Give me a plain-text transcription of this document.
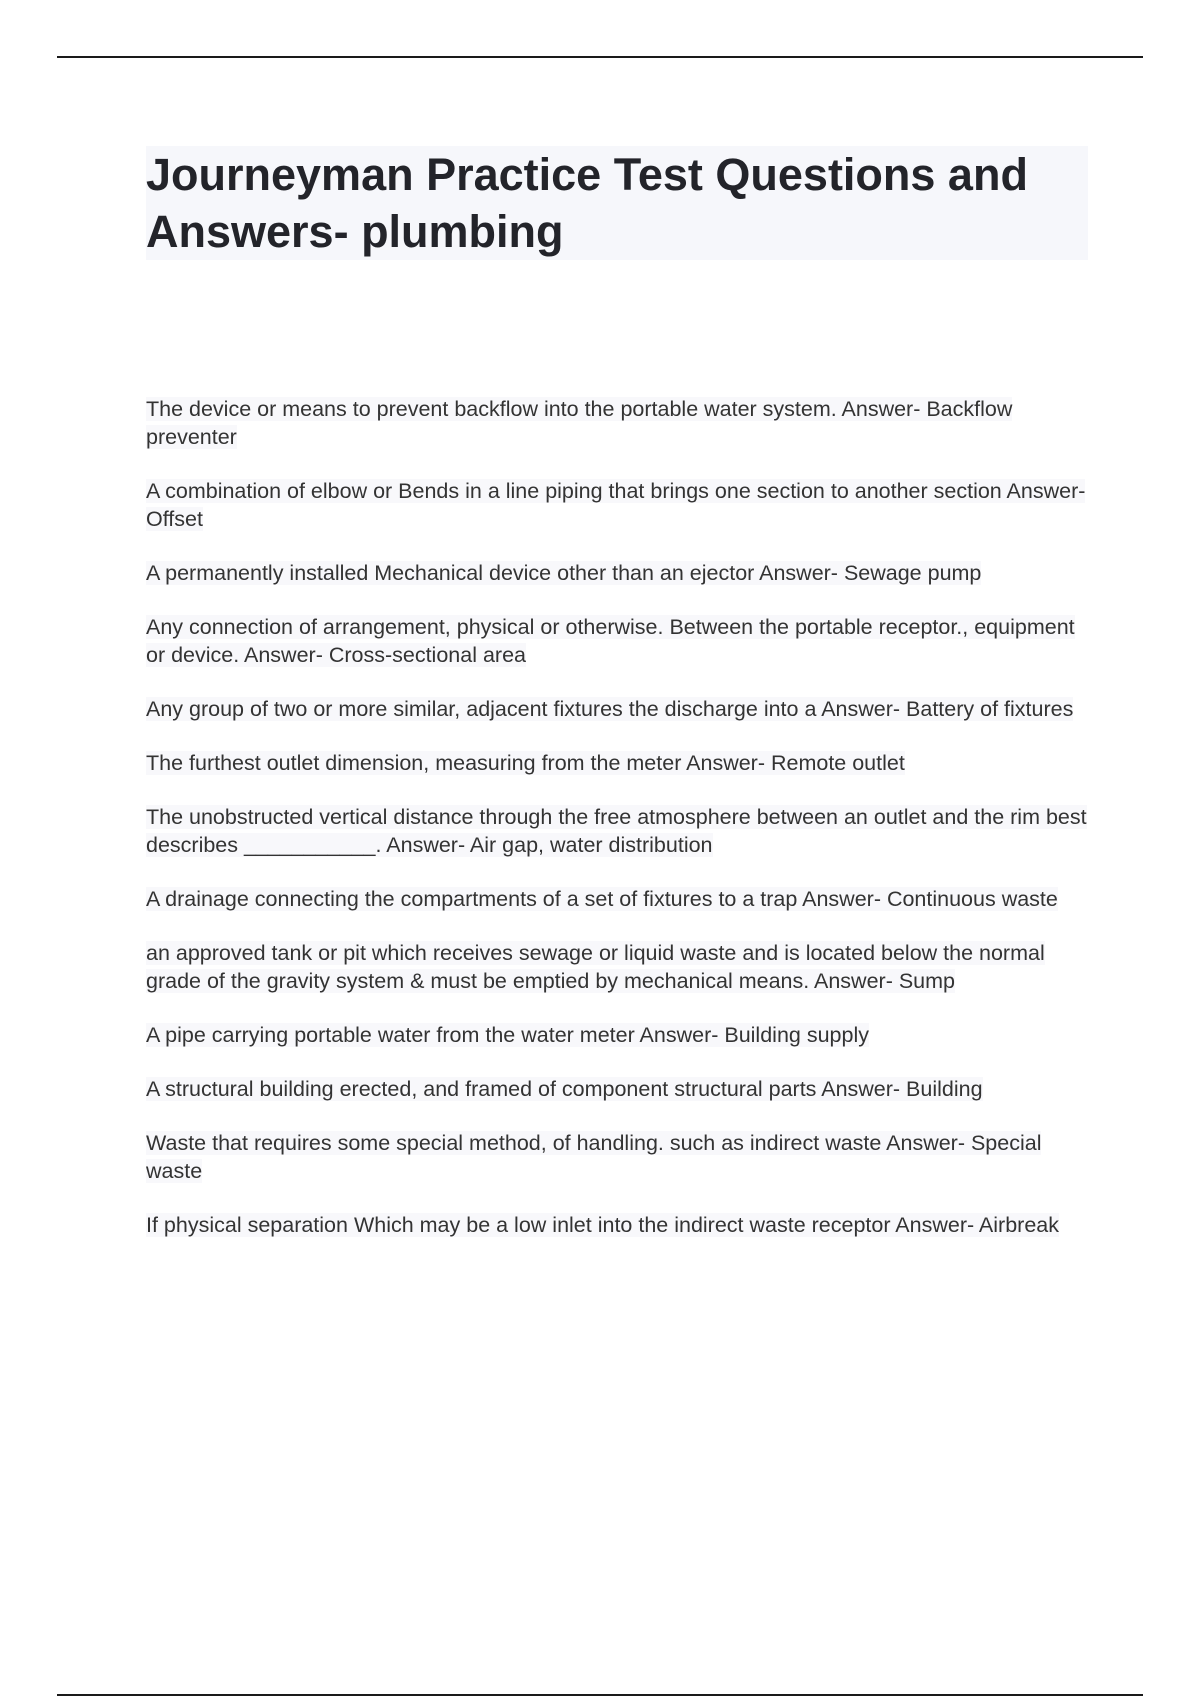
Journeyman Practice Test Questions and Answers- plumbing
The device or means to prevent backflow into the portable water system. Answer- Backflow preventer
A combination of elbow or Bends in a line piping that brings one section to another section Answer- Offset
A permanently installed Mechanical device other than an ejector Answer- Sewage pump
Any connection of arrangement, physical or otherwise. Between the portable receptor., equipment or device. Answer- Cross-sectional area
Any group of two or more similar, adjacent fixtures the discharge into a Answer- Battery of fixtures
The furthest outlet dimension, measuring from the meter Answer- Remote outlet
The unobstructed vertical distance through the free atmosphere between an outlet and the rim best describes ___________. Answer- Air gap, water distribution
A drainage connecting the compartments of a set of fixtures to a trap Answer- Continuous waste
an approved tank or pit which receives sewage or liquid waste and is located below the normal grade of the gravity system & must be emptied by mechanical means. Answer- Sump
A pipe carrying portable water from the water meter Answer- Building supply
A structural building erected, and framed of component structural parts Answer- Building
Waste that requires some special method, of handling. such as indirect waste Answer- Special waste
If physical separation Which may be a low inlet into the indirect waste receptor Answer- Airbreak
